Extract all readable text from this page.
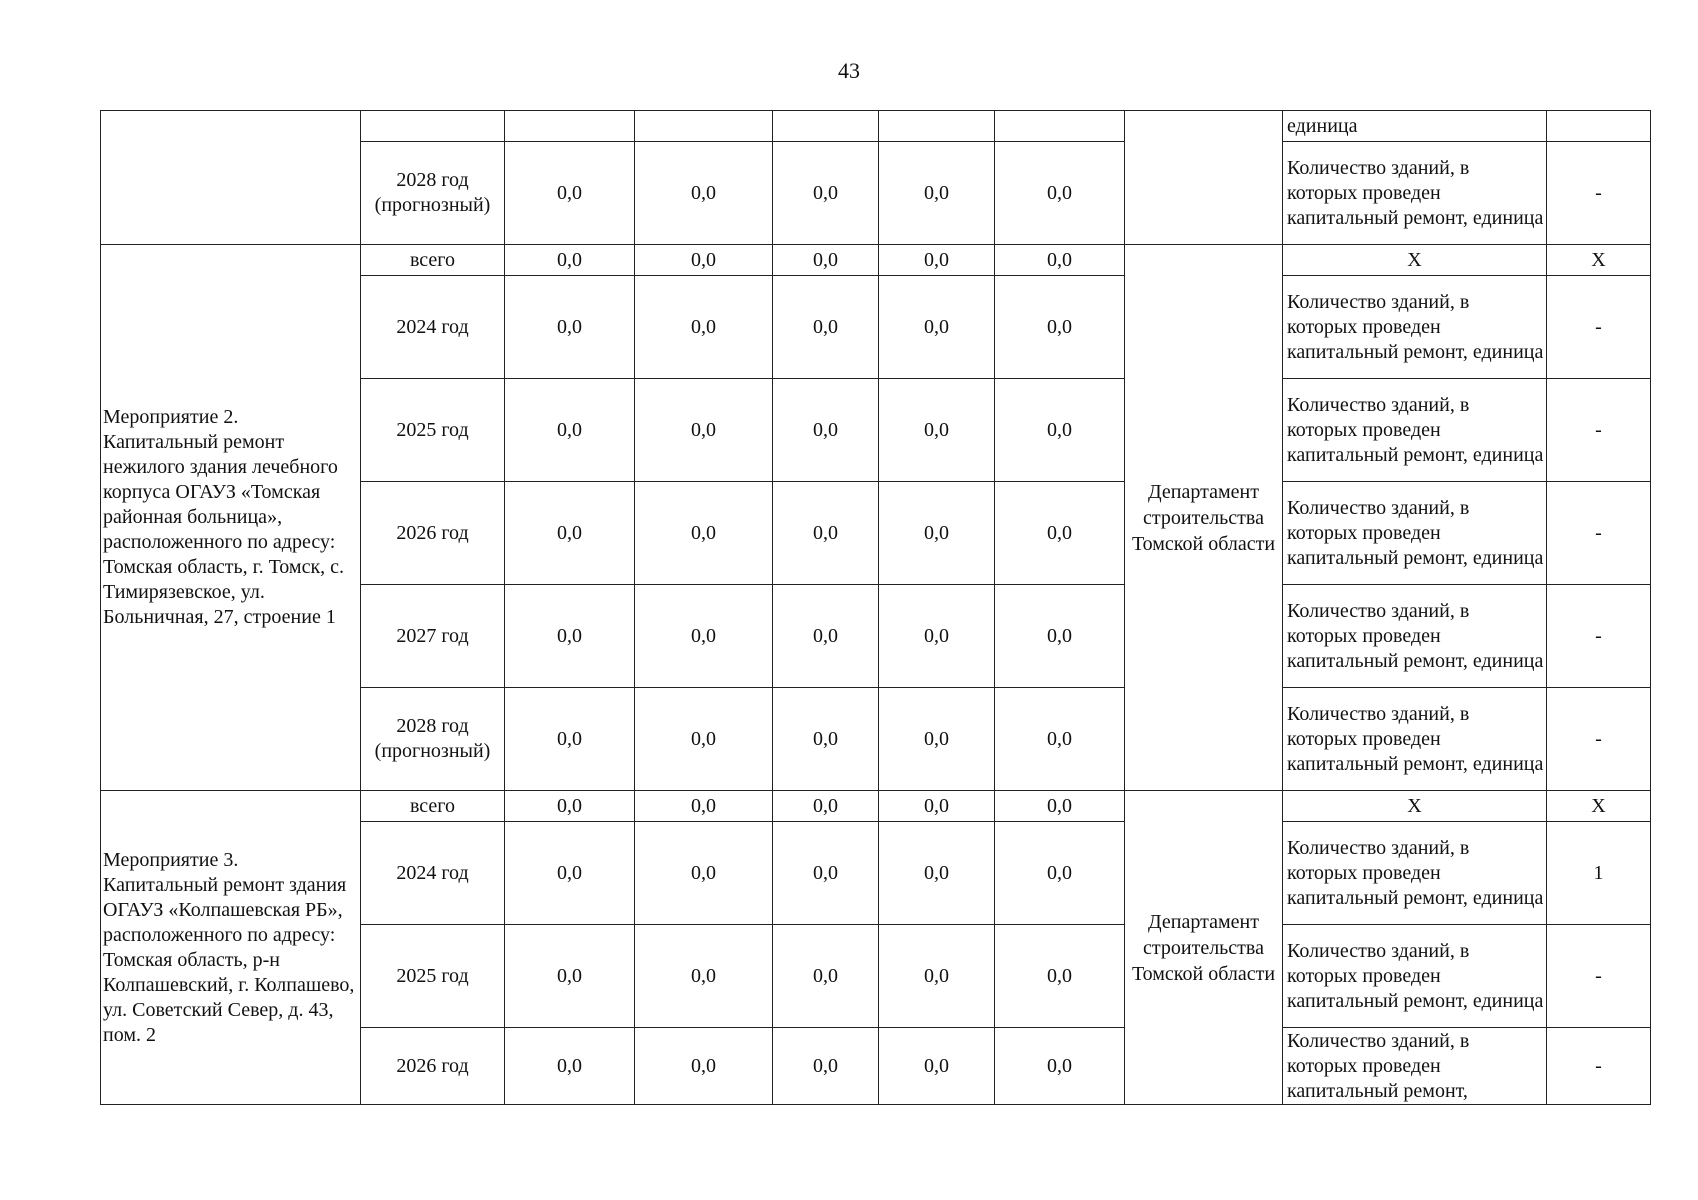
43
								единица	
	2028 год (прогнозный)	0,0	0,0	0,0	0,0	0,0		Количество зданий, в которых проведен капитальный ремонт, единица	-
Мероприятие 2. Капитальный ремонт нежилого здания лечебного корпуса ОГАУЗ «Томская районная больница», расположенного по адресу: Томская область, г. Томск, с. Тимирязевское, ул. Больничная, 27, строение 1	всего	0,0	0,0	0,0	0,0	0,0	Департамент строительства Томской области	X	X
	2024 год	0,0	0,0	0,0	0,0	0,0		Количество зданий, в которых проведен капитальный ремонт, единица	-
	2025 год	0,0	0,0	0,0	0,0	0,0		Количество зданий, в которых проведен капитальный ремонт, единица	-
	2026 год	0,0	0,0	0,0	0,0	0,0		Количество зданий, в которых проведен капитальный ремонт, единица	-
	2027 год	0,0	0,0	0,0	0,0	0,0		Количество зданий, в которых проведен капитальный ремонт, единица	-
	2028 год (прогнозный)	0,0	0,0	0,0	0,0	0,0		Количество зданий, в которых проведен капитальный ремонт, единица	-
Мероприятие 3. Капитальный ремонт здания ОГАУЗ «Колпашевская РБ», расположенного по адресу: Томская область, р-н Колпашевский, г. Колпашево, ул. Советский Север, д. 43, пом. 2	всего	0,0	0,0	0,0	0,0	0,0	Департамент строительства Томской области	X	X
	2024 год	0,0	0,0	0,0	0,0	0,0		Количество зданий, в которых проведен капитальный ремонт, единица	1
	2025 год	0,0	0,0	0,0	0,0	0,0		Количество зданий, в которых проведен капитальный ремонт, единица	-
	2026 год	0,0	0,0	0,0	0,0	0,0		Количество зданий, в которых проведен капитальный ремонт,	-
